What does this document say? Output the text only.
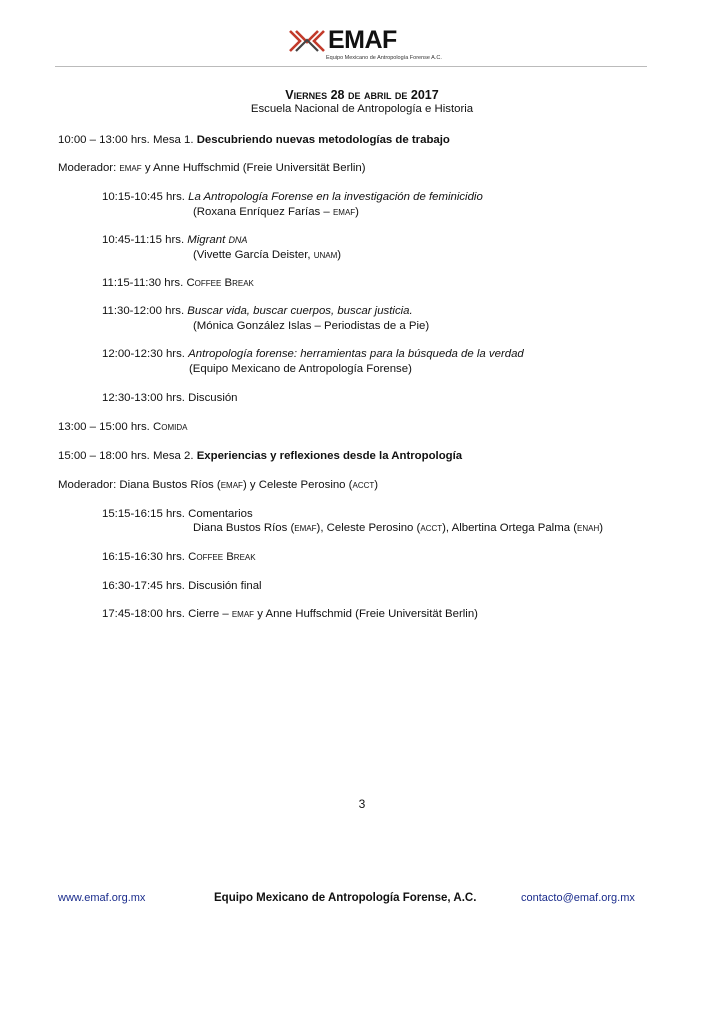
EMAF
Equipo Mexicano de Antropología Forense A.C.
Viernes 28 de abril de 2017
Escuela Nacional de Antropología e Historia
10:00 – 13:00 hrs. Mesa 1. Descubriendo nuevas metodologías de trabajo
Moderador: emaf y Anne Huffschmid (Freie Universität Berlin)
10:15-10:45 hrs. La Antropología Forense en la investigación de feminicidio
(Roxana Enríquez Farías – emaf)
10:45-11:15 hrs. Migrant DNA
(Vivette García Deister, unam)
11:15-11:30 hrs. Coffee Break
11:30-12:00 hrs. Buscar vida, buscar cuerpos, buscar justicia.
(Mónica González Islas – Periodistas de a Pie)
12:00-12:30 hrs. Antropología forense: herramientas para la búsqueda de la verdad
(Equipo Mexicano de Antropología Forense)
12:30-13:00 hrs. Discusión
13:00 – 15:00 hrs. Comida
15:00 – 18:00 hrs. Mesa 2. Experiencias y reflexiones desde la Antropología
Moderador: Diana Bustos Ríos (emaf) y Celeste Perosino (acct)
15:15-16:15 hrs. Comentarios
Diana Bustos Ríos (emaf), Celeste Perosino (acct), Albertina Ortega Palma (enah)
16:15-16:30 hrs. Coffee Break
16:30-17:45 hrs. Discusión final
17:45-18:00 hrs. Cierre – emaf y Anne Huffschmid (Freie Universität Berlin)
3
www.emaf.org.mx	Equipo Mexicano de Antropología Forense, A.C.	contacto@emaf.org.mx
